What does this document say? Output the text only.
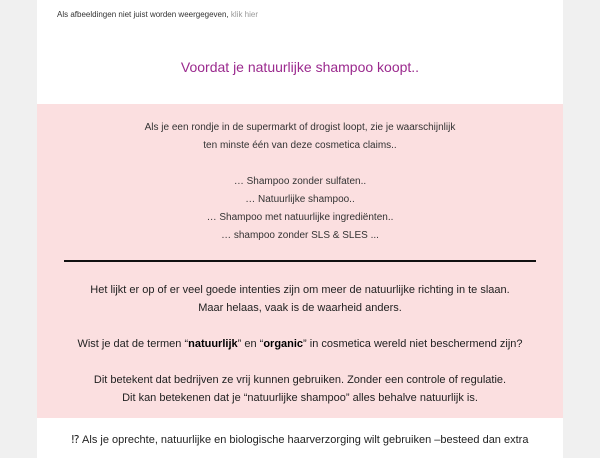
Als afbeeldingen niet juist worden weergegeven, klik hier
Voordat je natuurlijke shampoo koopt..
Als je een rondje in de supermarkt of drogist loopt, zie je waarschijnlijk
ten minste één van deze cosmetica claims..
… Shampoo zonder sulfaten..
… Natuurlijke shampoo..
… Shampoo met natuurlijke ingrediënten..
… shampoo zonder SLS & SLES ...

Het lijkt er op of er veel goede intenties zijn om meer de natuurlijke richting in te slaan.
Maar helaas, vaak is de waarheid anders.

Wist je dat de termen “natuurlijk” en “organic” in cosmetica wereld niet beschermend zijn?

Dit betekent dat bedrijven ze vrij kunnen gebruiken. Zonder een controle of regulatie.
Dit kan betekenen dat je “natuurlijke shampoo” alles behalve natuurlijk is.

⁉ Als je oprechte, natuurlijke en biologische haarverzorging wilt gebruiken –besteed dan extra
